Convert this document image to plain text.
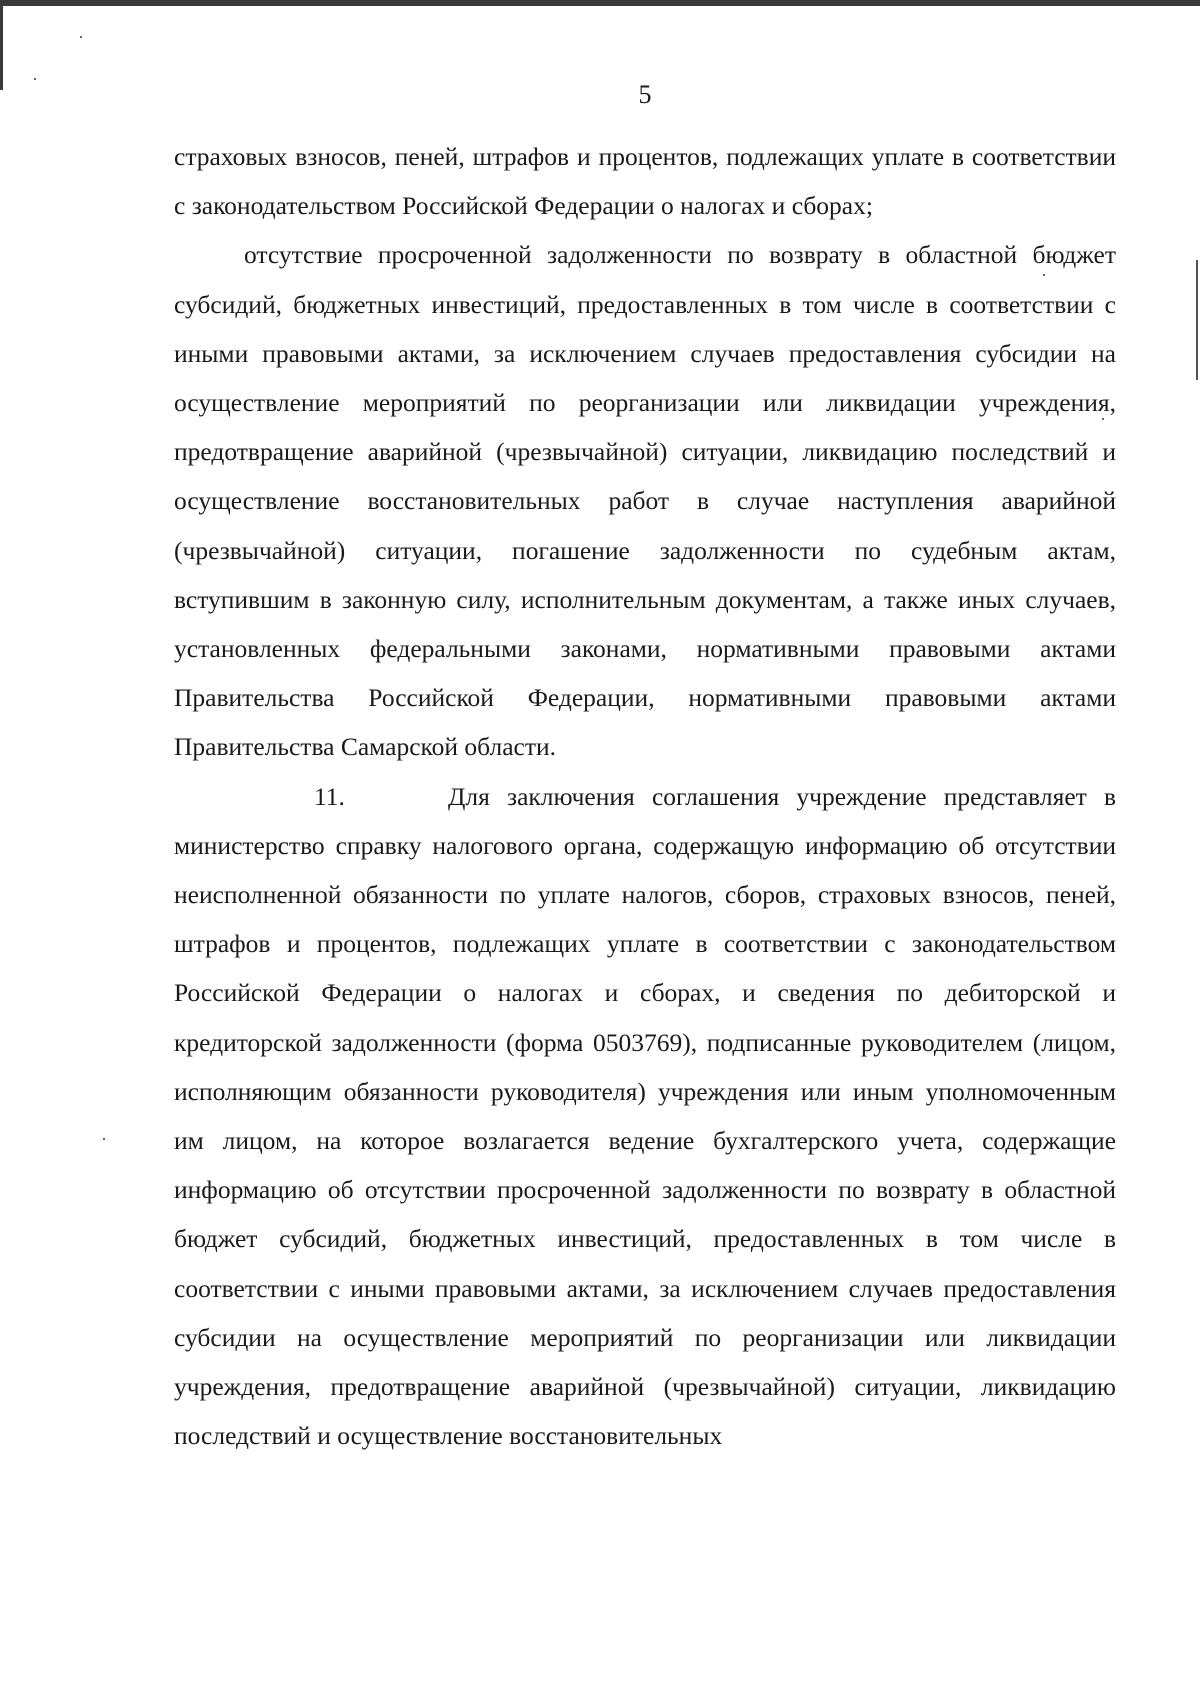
5

страховых взносов, пеней, штрафов и процентов, подлежащих уплате в соответствии с законодательством Российской Федерации о налогах и сборах;

отсутствие просроченной задолженности по возврату в областной бюджет субсидий, бюджетных инвестиций, предоставленных в том числе в соответствии с иными правовыми актами, за исключением случаев предоставления субсидии на осуществление мероприятий по реорганизации или ликвидации учреждения, предотвращение аварийной (чрезвычайной) ситуации, ликвидацию последствий и осуществление восстановительных работ в случае наступления аварийной (чрезвычайной) ситуации, погашение задолженности по судебным актам, вступившим в законную силу, исполнительным документам, а также иных случаев, установленных федеральными законами, нормативными правовыми актами Правительства Российской Федерации, нормативными правовыми актами Правительства Самарской области.

11.	Для заключения соглашения учреждение представляет в министерство справку налогового органа, содержащую информацию об отсутствии неисполненной обязанности по уплате налогов, сборов, страховых взносов, пеней, штрафов и процентов, подлежащих уплате в соответствии с законодательством Российской Федерации о налогах и сборах, и сведения по дебиторской и кредиторской задолженности (форма 0503769), подписанные руководителем (лицом, исполняющим обязанности руководителя) учреждения или иным уполномоченным им лицом, на которое возлагается ведение бухгалтерского учета, содержащие информацию об отсутствии просроченной задолженности по возврату в областной бюджет субсидий, бюджетных инвестиций, предоставленных в том числе в соответствии с иными правовыми актами, за исключением случаев предоставления субсидии на осуществление мероприятий по реорганизации или ликвидации учреждения, предотвращение аварийной (чрезвычайной) ситуации, ликвидацию последствий и осуществление восстановительных
